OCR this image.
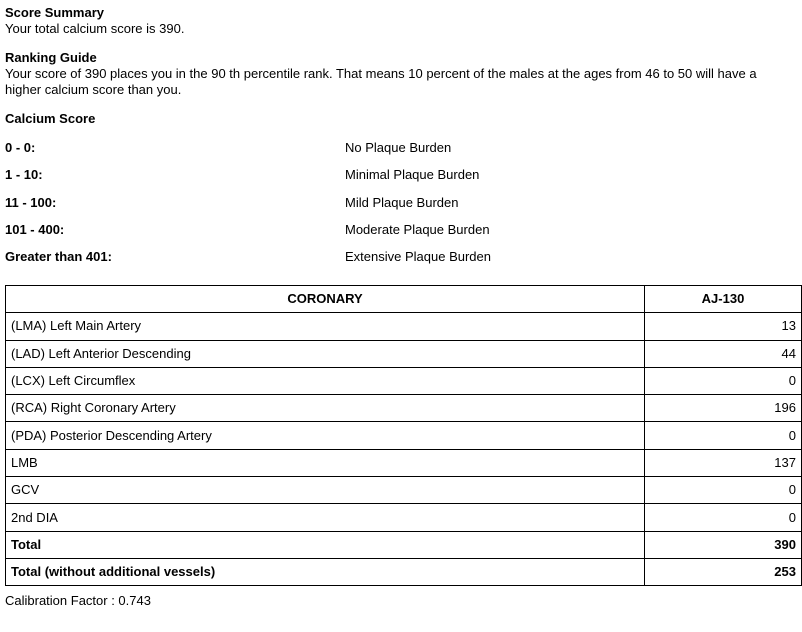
Score Summary
Your total calcium score is 390.
Ranking Guide
Your score of 390 places you in the 90 th percentile rank. That means 10 percent of the males at the ages from 46 to 50 will have a higher calcium score than you.
Calcium Score
0 - 0:	No Plaque Burden
1 - 10:	Minimal Plaque Burden
11 - 100:	Mild Plaque Burden
101 - 400:	Moderate Plaque Burden
Greater than 401:	Extensive Plaque Burden
CORONARY	AJ-130
(LMA) Left Main Artery	13
(LAD) Left Anterior Descending	44
(LCX) Left Circumflex	0
(RCA) Right Coronary Artery	196
(PDA) Posterior Descending Artery	0
LMB	137
GCV	0
2nd DIA	0
Total	390
Total (without additional vessels)	253
Calibration Factor : 0.743
